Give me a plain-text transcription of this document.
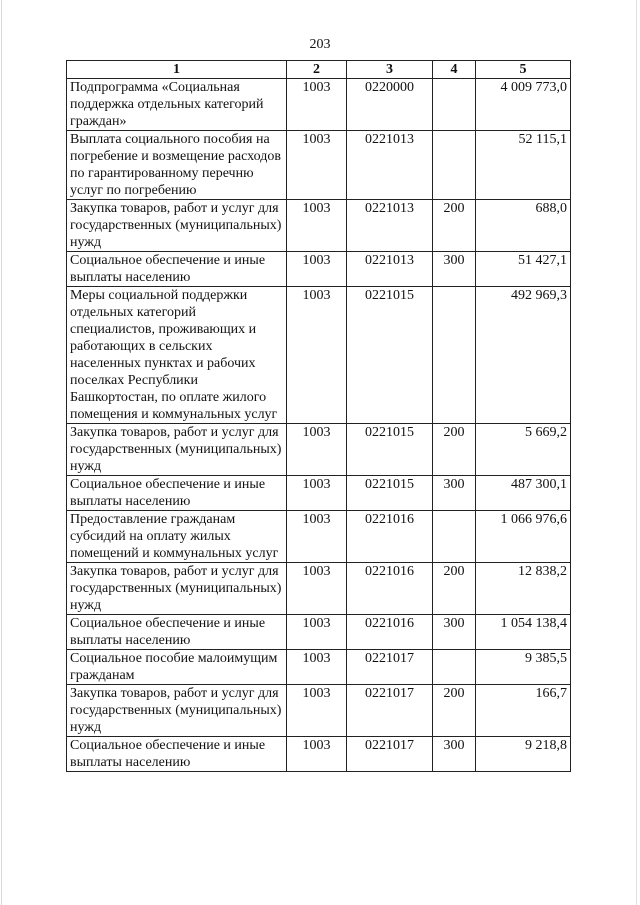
203
1	2	3	4	5
Подпрограмма «Социальная поддержка отдельных категорий граждан»	1003	0220000		4 009 773,0
Выплата социального пособия на погребение и возмещение расходов по гарантированному перечню услуг по погребению	1003	0221013		52 115,1
Закупка товаров, работ и услуг для государственных (муниципальных) нужд	1003	0221013	200	688,0
Социальное обеспечение и иные выплаты населению	1003	0221013	300	51 427,1
Меры социальной поддержки отдельных категорий специалистов, проживающих и работающих в сельских населенных пунктах и рабочих поселках Республики Башкортостан, по оплате жилого помещения и коммунальных услуг	1003	0221015		492 969,3
Закупка товаров, работ и услуг для государственных (муниципальных) нужд	1003	0221015	200	5 669,2
Социальное обеспечение и иные выплаты населению	1003	0221015	300	487 300,1
Предоставление гражданам субсидий на оплату жилых помещений и коммунальных услуг	1003	0221016		1 066 976,6
Закупка товаров, работ и услуг для государственных (муниципальных) нужд	1003	0221016	200	12 838,2
Социальное обеспечение и иные выплаты населению	1003	0221016	300	1 054 138,4
Социальное пособие малоимущим гражданам	1003	0221017		9 385,5
Закупка товаров, работ и услуг для государственных (муниципальных) нужд	1003	0221017	200	166,7
Социальное обеспечение и иные выплаты населению	1003	0221017	300	9 218,8
